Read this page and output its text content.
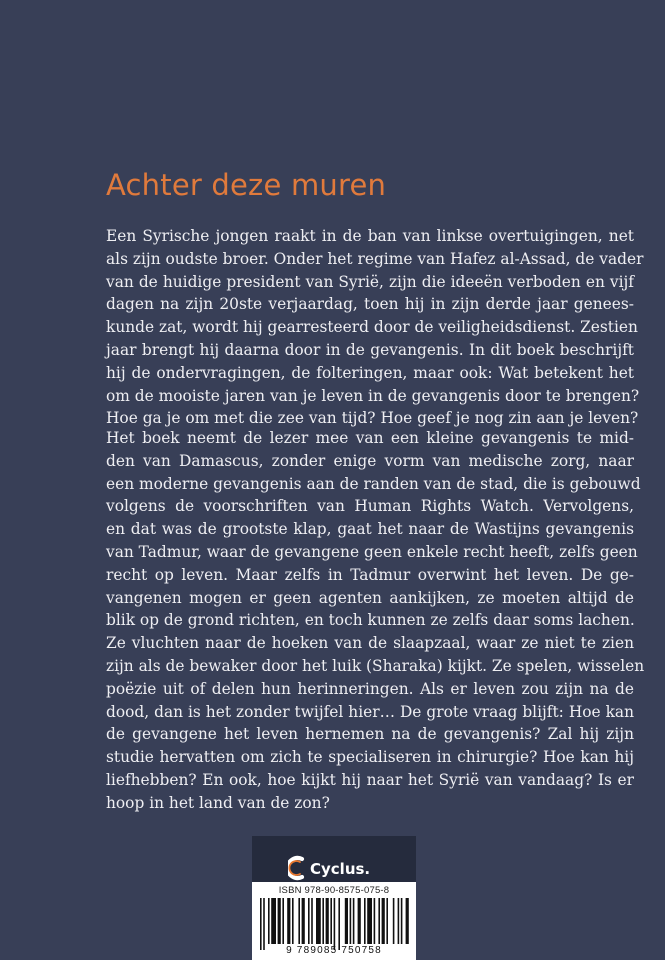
Achter deze muren

Een Syrische jongen raakt in de ban van linkse overtuigingen, net
als zijn oudste broer. Onder het regime van Hafez al-Assad, de vader
van de huidige president van Syrië, zijn die ideeën verboden en vijf
dagen na zijn 20ste verjaardag, toen hij in zijn derde jaar genees-
kunde zat, wordt hij gearresteerd door de veiligheidsdienst. Zestien
jaar brengt hij daarna door in de gevangenis. In dit boek beschrijft
hij de ondervragingen, de folteringen, maar ook: Wat betekent het
om de mooiste jaren van je leven in de gevangenis door te brengen?
Hoe ga je om met die zee van tijd? Hoe geef je nog zin aan je leven?

Het boek neemt de lezer mee van een kleine gevangenis te mid-
den van Damascus, zonder enige vorm van medische zorg, naar
een moderne gevangenis aan de randen van de stad, die is gebouwd
volgens de voorschriften van Human Rights Watch. Vervolgens,
en dat was de grootste klap, gaat het naar de Wastijns gevangenis
van Tadmur, waar de gevangene geen enkele recht heeft, zelfs geen
recht op leven. Maar zelfs in Tadmur overwint het leven. De ge-
vangenen mogen er geen agenten aankijken, ze moeten altijd de
blik op de grond richten, en toch kunnen ze zelfs daar soms lachen.
Ze vluchten naar de hoeken van de slaapzaal, waar ze niet te zien
zijn als de bewaker door het luik (Sharaka) kijkt. Ze spelen, wisselen
poëzie uit of delen hun herinneringen. Als er leven zou zijn na de
dood, dan is het zonder twijfel hier… De grote vraag blijft: Hoe kan
de gevangene het leven hernemen na de gevangenis? Zal hij zijn
studie hervatten om zich te specialiseren in chirurgie? Hoe kan hij
liefhebben? En ook, hoe kijkt hij naar het Syrië van vandaag? Is er
hoop in het land van de zon?

Cyclus.
ISBN 978-90-8575-075-8
9 789085 750758
